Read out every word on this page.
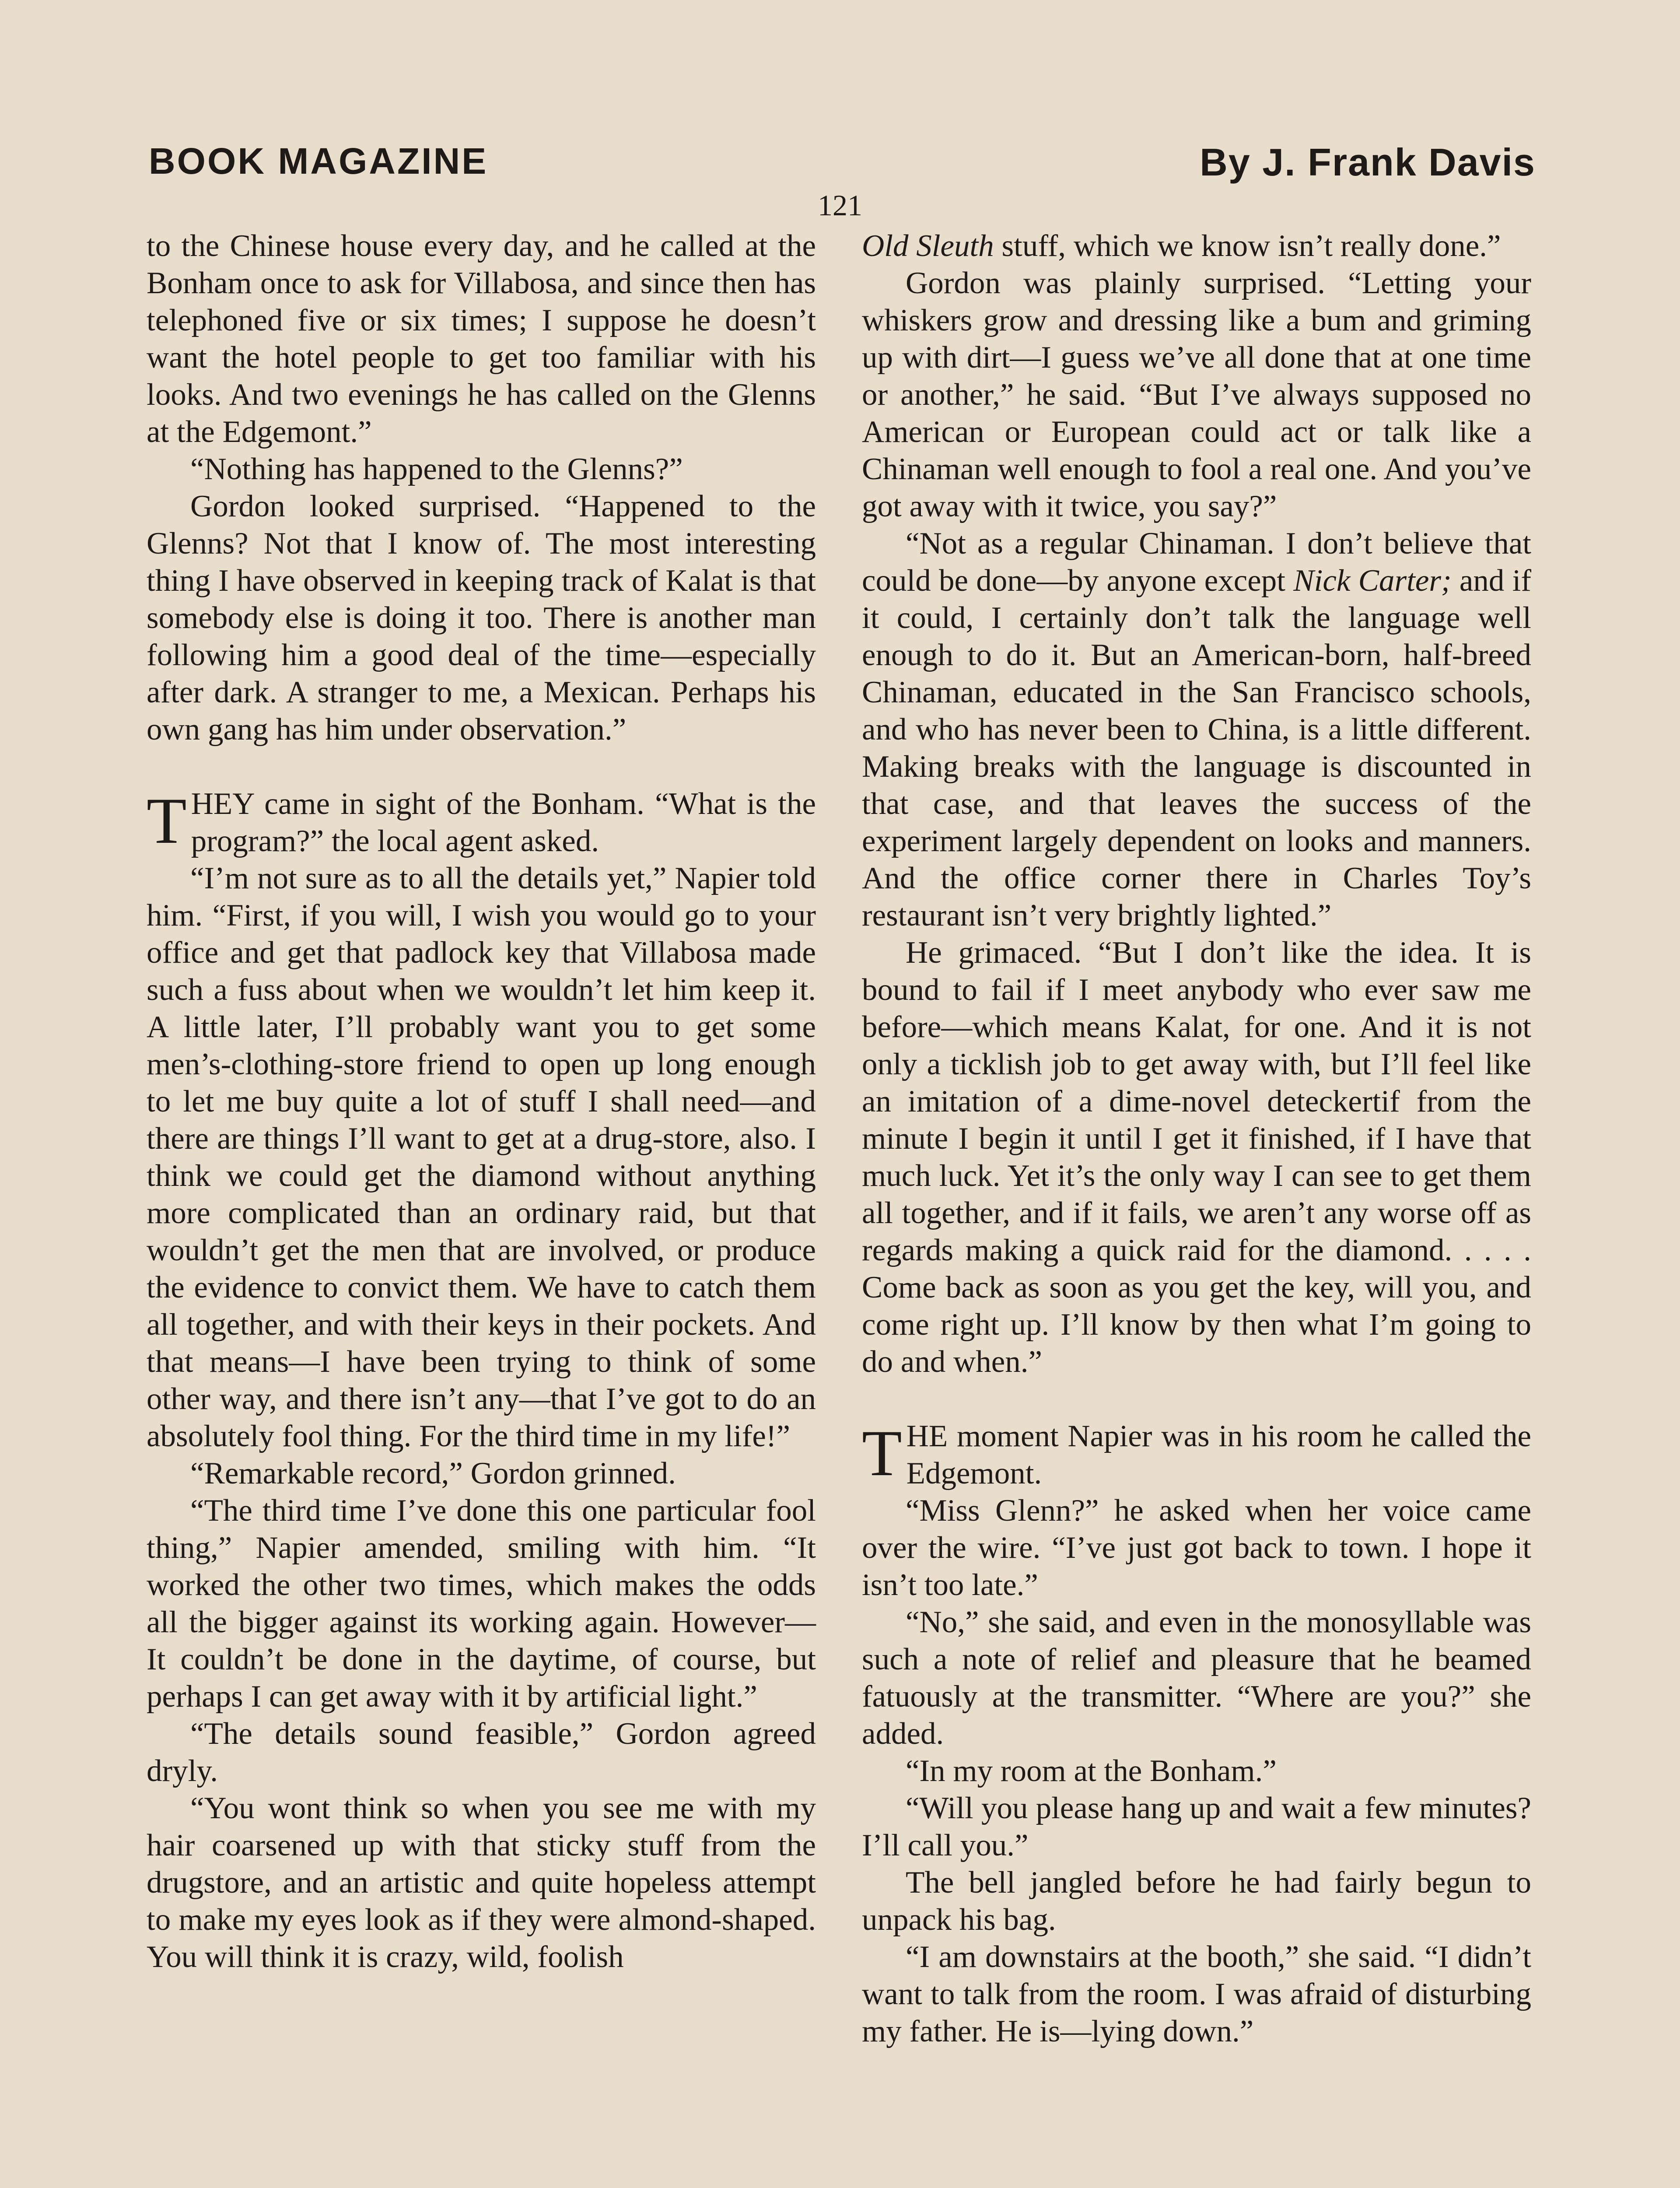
BOOK MAGAZINE	By J. Frank Davis
121

to the Chinese house every day, and he called at the Bonham once to ask for Villabosa, and since then has telephoned five or six times; I suppose he doesn’t want the hotel people to get too familiar with his looks. And two evenings he has called on the Glenns at the Edgemont.”

“Nothing has happened to the Glenns?”

Gordon looked surprised. “Happened to the Glenns? Not that I know of. The most interesting thing I have observed in keeping track of Kalat is that somebody else is doing it too. There is another man following him a good deal of the time—especially after dark. A stranger to me, a Mexican. Perhaps his own gang has him under observation.”

THEY came in sight of the Bonham. “What is the program?” the local agent asked.

“I’m not sure as to all the details yet,” Napier told him. “First, if you will, I wish you would go to your office and get that padlock key that Villabosa made such a fuss about when we wouldn’t let him keep it. A little later, I’ll probably want you to get some men’s-clothing-store friend to open up long enough to let me buy quite a lot of stuff I shall need—and there are things I’ll want to get at a drug-store, also. I think we could get the diamond without anything more complicated than an ordinary raid, but that wouldn’t get the men that are involved, or produce the evidence to convict them. We have to catch them all together, and with their keys in their pockets. And that means—I have been trying to think of some other way, and there isn’t any—that I’ve got to do an absolutely fool thing. For the third time in my life!”

“Remarkable record,” Gordon grinned.

“The third time I’ve done this one particular fool thing,” Napier amended, smiling with him. “It worked the other two times, which makes the odds all the bigger against its working again. However— It couldn’t be done in the daytime, of course, but perhaps I can get away with it by artificial light.”

“The details sound feasible,” Gordon agreed dryly.

“You wont think so when you see me with my hair coarsened up with that sticky stuff from the drugstore, and an artistic and quite hopeless attempt to make my eyes look as if they were almond-shaped. You will think it is crazy, wild, foolish

Old Sleuth stuff, which we know isn’t really done.”

Gordon was plainly surprised. “Letting your whiskers grow and dressing like a bum and griming up with dirt—I guess we’ve all done that at one time or another,” he said. “But I’ve always supposed no American or European could act or talk like a Chinaman well enough to fool a real one. And you’ve got away with it twice, you say?”

“Not as a regular Chinaman. I don’t believe that could be done—by anyone except Nick Carter; and if it could, I certainly don’t talk the language well enough to do it. But an American-born, half-breed Chinaman, educated in the San Francisco schools, and who has never been to China, is a little different. Making breaks with the language is discounted in that case, and that leaves the success of the experiment largely dependent on looks and manners. And the office corner there in Charles Toy’s restaurant isn’t very brightly lighted.”

He grimaced. “But I don’t like the idea. It is bound to fail if I meet anybody who ever saw me before—which means Kalat, for one. And it is not only a ticklish job to get away with, but I’ll feel like an imitation of a dime-novel deteckertif from the minute I begin it until I get it finished, if I have that much luck. Yet it’s the only way I can see to get them all together, and if it fails, we aren’t any worse off as regards making a quick raid for the diamond. . . . . Come back as soon as you get the key, will you, and come right up. I’ll know by then what I’m going to do and when.”

THE moment Napier was in his room he called the Edgemont.

“Miss Glenn?” he asked when her voice came over the wire. “I’ve just got back to town. I hope it isn’t too late.”

“No,” she said, and even in the monosyllable was such a note of relief and pleasure that he beamed fatuously at the transmitter. “Where are you?” she added.

“In my room at the Bonham.”

“Will you please hang up and wait a few minutes? I’ll call you.”

The bell jangled before he had fairly begun to unpack his bag.

“I am downstairs at the booth,” she said. “I didn’t want to talk from the room. I was afraid of disturbing my father. He is—lying down.”
